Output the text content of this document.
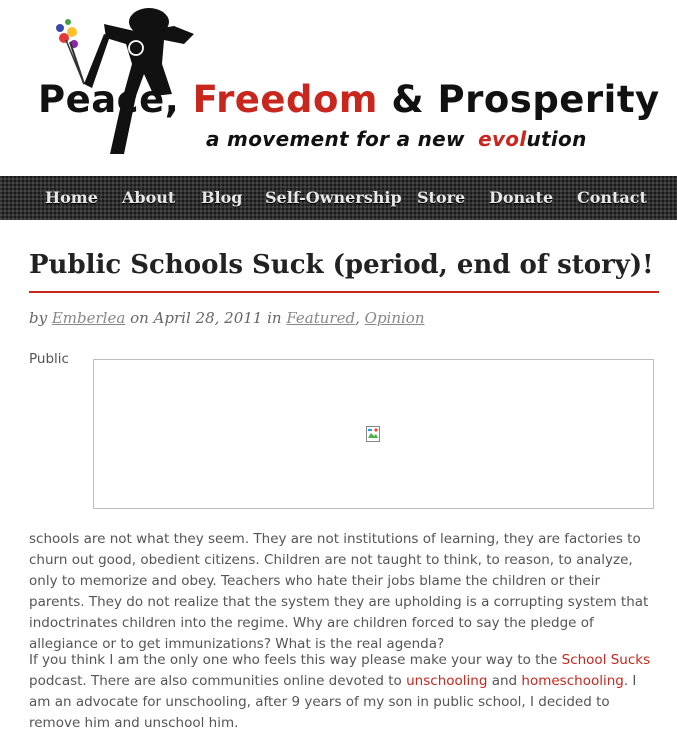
Peace, Freedom & Prosperity
a movement for a new evolution
Home About Blog Self-Ownership Store Donate Contact
Public Schools Suck (period, end of story)!
by Emberlea on April 28, 2011 in Featured, Opinion
Public

schools are not what they seem. They are not institutions of learning, they are factories to churn out good, obedient citizens. Children are not taught to think, to reason, to analyze, only to memorize and obey. Teachers who hate their jobs blame the children or their parents. They do not realize that the system they are upholding is a corrupting system that indoctrinates children into the regime. Why are children forced to say the pledge of allegiance or to get immunizations? What is the real agenda?

If you think I am the only one who feels this way please make your way to the School Sucks podcast. There are also communities online devoted to unschooling and homeschooling. I am an advocate for unschooling, after 9 years of my son in public school, I decided to remove him and unschool him.
